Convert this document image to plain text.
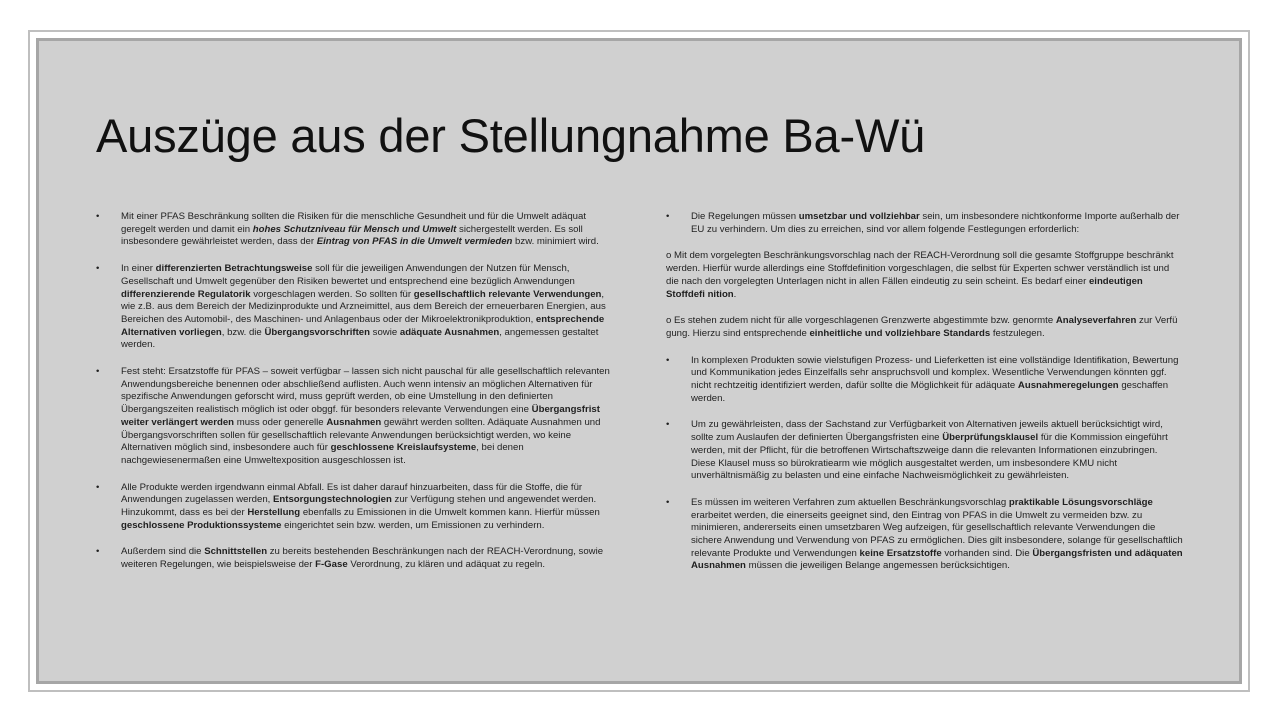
Auszüge aus der Stellungnahme Ba-Wü

• Mit einer PFAS Beschränkung sollten die Risiken für die menschliche Gesundheit und für die Umwelt adäquat geregelt werden und damit ein hohes Schutzniveau für Mensch und Umwelt sichergestellt werden. Es soll insbesondere gewährleistet werden, dass der Eintrag von PFAS in die Umwelt vermieden bzw. minimiert wird.

• In einer differenzierten Betrachtungsweise soll für die jeweiligen Anwendungen der Nutzen für Mensch, Gesellschaft und Umwelt gegenüber den Risiken bewertet und entsprechend eine bezüglich Anwendungen differenzierende Regulatorik vorgeschlagen werden. So sollten für gesellschaftlich relevante Verwendungen, wie z.B. aus dem Bereich der Medizinprodukte und Arzneimittel, aus dem Bereich der erneuerbaren Energien, aus Bereichen des Automobil-, des Maschinen- und Anlagenbaus oder der Mikroelektronikproduktion, entsprechende Alternativen vorliegen, bzw. die Übergangsvorschriften sowie adäquate Ausnahmen, angemessen gestaltet werden.

• Fest steht: Ersatzstoffe für PFAS – soweit verfügbar – lassen sich nicht pauschal für alle gesellschaftlich relevanten Anwendungsbereiche benennen oder abschließend auflisten. Auch wenn intensiv an möglichen Alternativen für spezifische Anwendungen geforscht wird, muss geprüft werden, ob eine Umstellung in den definierten Übergangszeiten realistisch möglich ist oder obggf. für besonders relevante Verwendungen eine Übergangsfrist weiter verlängert werden muss oder generelle Ausnahmen gewährt werden sollten. Adäquate Ausnahmen und Übergangsvorschriften sollen für gesellschaftlich relevante Anwendungen berücksichtigt werden, wo keine Alternativen möglich sind, insbesondere auch für geschlossene Kreislaufsysteme, bei denen nachgewiesenermaßen eine Umweltexposition ausgeschlossen ist.

• Alle Produkte werden irgendwann einmal Abfall. Es ist daher darauf hinzuarbeiten, dass für die Stoffe, die für Anwendungen zugelassen werden, Entsorgungstechnologien zur Verfügung stehen und angewendet werden. Hinzukommt, dass es bei der Herstellung ebenfalls zu Emissionen in die Umwelt kommen kann. Hierfür müssen geschlossene Produktionssysteme eingerichtet sein bzw. werden, um Emissionen zu verhindern.

• Außerdem sind die Schnittstellen zu bereits bestehenden Beschränkungen nach der REACH-Verordnung, sowie weiteren Regelungen, wie beispielsweise der F-Gase Verordnung, zu klären und adäquat zu regeln.

• Die Regelungen müssen umsetzbar und vollziehbar sein, um insbesondere nichtkonforme Importe außerhalb der EU zu verhindern. Um dies zu erreichen, sind vor allem folgende Festlegungen erforderlich:

o Mit dem vorgelegten Beschränkungsvorschlag nach der REACH-Verordnung soll die gesamte Stoffgruppe beschränkt werden. Hierfür wurde allerdings eine Stoffdefinition vorgeschlagen, die selbst für Experten schwer verständlich ist und die nach den vorgelegten Unterlagen nicht in allen Fällen eindeutig zu sein scheint. Es bedarf einer eindeutigen Stoffdefi nition.

o Es stehen zudem nicht für alle vorgeschlagenen Grenzwerte abgestimmte bzw. genormte Analyseverfahren zur Verfü gung. Hierzu sind entsprechende einheitliche und vollziehbare Standards festzulegen.

• In komplexen Produkten sowie vielstufigen Prozess- und Lieferketten ist eine vollständige Identifikation, Bewertung und Kommunikation jedes Einzelfalls sehr anspruchsvoll und komplex. Wesentliche Verwendungen könnten ggf. nicht rechtzeitig identifiziert werden, dafür sollte die Möglichkeit für adäquate Ausnahmeregelungen geschaffen werden.

• Um zu gewährleisten, dass der Sachstand zur Verfügbarkeit von Alternativen jeweils aktuell berücksichtigt wird, sollte zum Auslaufen der definierten Übergangsfristen eine Überprüfungsklausel für die Kommission eingeführt werden, mit der Pflicht, für die betroffenen Wirtschaftszweige dann die relevanten Informationen einzubringen. Diese Klausel muss so bürokratiearm wie möglich ausgestaltet werden, um insbesondere KMU nicht unverhältnismäßig zu belasten und eine einfache Nachweismöglichkeit zu gewährleisten.

• Es müssen im weiteren Verfahren zum aktuellen Beschränkungsvorschlag praktikable Lösungsvorschläge erarbeitet werden, die einerseits geeignet sind, den Eintrag von PFAS in die Umwelt zu vermeiden bzw. zu minimieren, andererseits einen umsetzbaren Weg aufzeigen, für gesellschaftlich relevante Verwendungen die sichere Anwendung und Verwendung von PFAS zu ermöglichen. Dies gilt insbesondere, solange für gesellschaftlich relevante Produkte und Verwendungen keine Ersatzstoffe vorhanden sind. Die Übergangsfristen und adäquaten Ausnahmen müssen die jeweiligen Belange angemessen berücksichtigen.
